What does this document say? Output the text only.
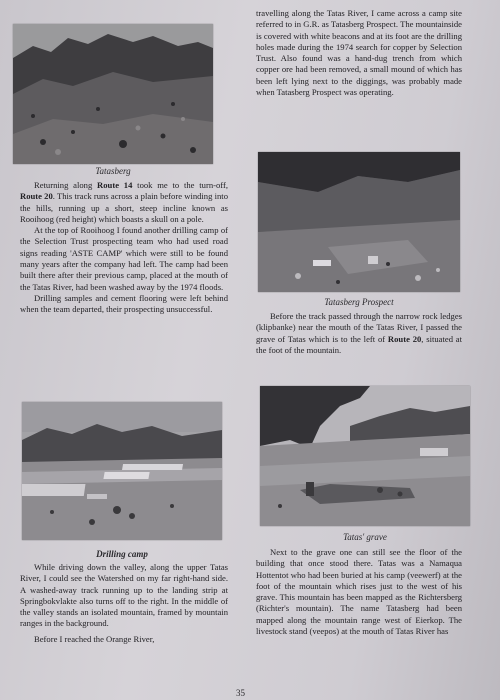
Tatasberg

Returning along Route 14 took me to the turn-off, Route 20. This track runs across a plain before winding into the hills, running up a short, steep incline known as Rooihoog (red height) which boasts a skull on a pole.

At the top of Rooihoog I found another drilling camp of the Selection Trust prospecting team who had used road signs reading 'ASTE CAMP' which were still to be found many years after the company had left. The camp had been built there after their previous camp, placed at the mouth of the Tatas River, had been washed away by the 1974 floods.

Drilling samples and cement flooring were left behind when the team departed, their prospecting unsuccessful.

Drilling camp

While driving down the valley, along the upper Tatas River, I could see the Watershed on my far right-hand side. A washed-away track running up to the landing strip at Springbokvlakte also turns off to the right. In the middle of the valley stands an isolated mountain, framed by mountain ranges in the background.

Before I reached the Orange River,

travelling along the Tatas River, I came across a camp site referred to in G.R. as Tatasberg Prospect. The mountainside is covered with white beacons and at its foot are the drilling holes made during the 1974 search for copper by Selection Trust. Also found was a hand-dug trench from which copper ore had been removed, a small mound of which has been left lying next to the diggings, was probably made when Tatasberg Prospect was operating.

Tatasberg Prospect

Before the track passed through the narrow rock ledges (klipbanke) near the mouth of the Tatas River, I passed the grave of Tatas which is to the left of Route 20, situated at the foot of the mountain.

Tatas' grave

Next to the grave one can still see the floor of the building that once stood there. Tatas was a Namaqua Hottentot who had been buried at his camp (veewerf) at the foot of the mountain which rises just to the west of his grave. This mountain has been mapped as the Richtersberg (Richter's mountain). The name Tatasberg had been mapped along the mountain range west of Eierkop. The livestock stand (veepos) at the mouth of Tatas River has

35
